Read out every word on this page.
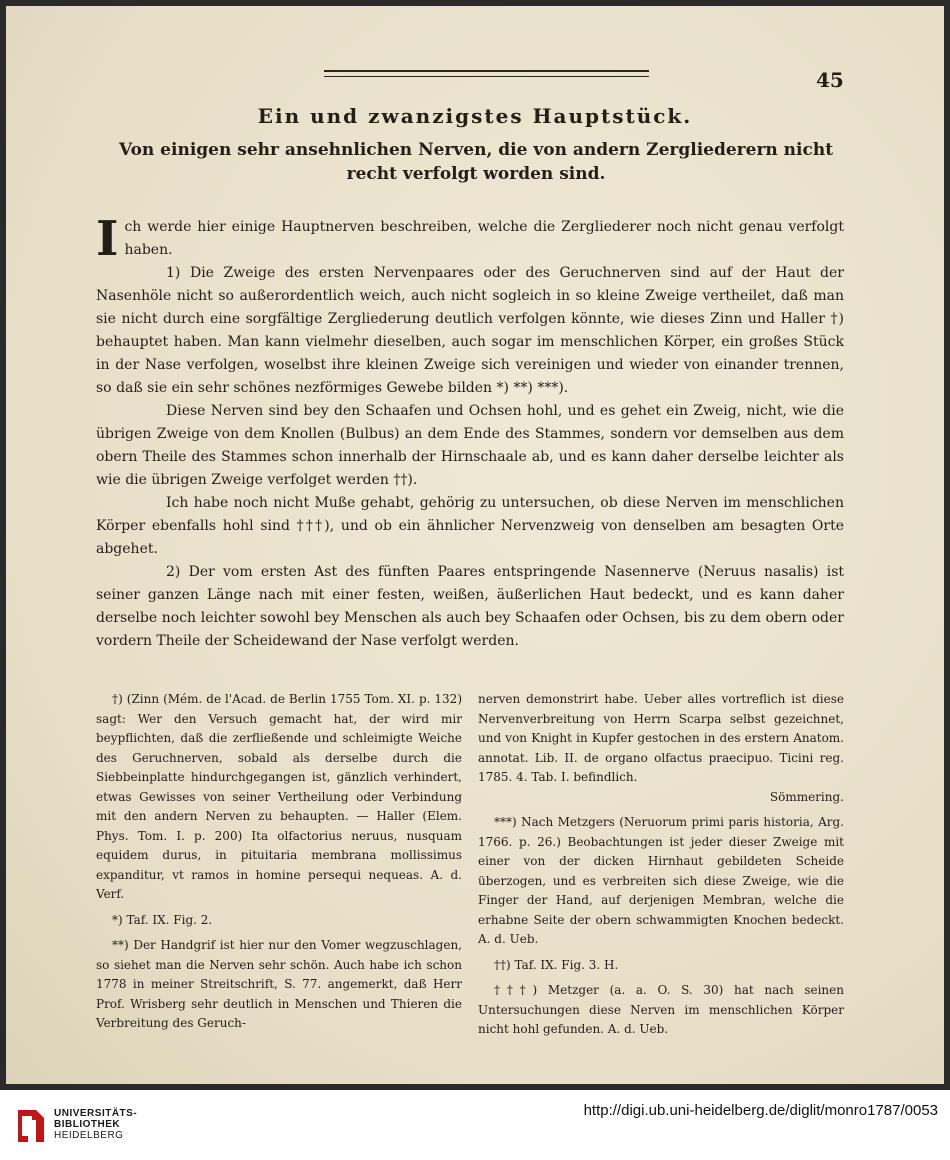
45
Ein und zwanzigstes Hauptstück.
Von einigen sehr ansehnlichen Nerven, die von andern Zergliederern nicht recht verfolgt worden sind.

Ich werde hier einige Hauptnerven beschreiben, welche die Zergliederer noch nicht genau verfolgt haben.

1) Die Zweige des ersten Nervenpaares oder des Geruchnerven sind auf der Haut der Nasenhöle nicht so außerordentlich weich, auch nicht sogleich in so kleine Zweige vertheilet, daß man sie nicht durch eine sorgfältige Zergliederung deutlich verfolgen könnte, wie dieses Zinn und Haller †) behauptet haben. Man kann vielmehr dieselben, auch sogar im menschlichen Körper, ein großes Stück in der Nase verfolgen, woselbst ihre kleinen Zweige sich vereinigen und wieder von einander trennen, so daß sie ein sehr schönes nezförmiges Gewebe bilden *) **) ***).

Diese Nerven sind bey den Schaafen und Ochsen hohl, und es gehet ein Zweig, nicht, wie die übrigen Zweige von dem Knollen (Bulbus) an dem Ende des Stammes, sondern vor demselben aus dem obern Theile des Stammes schon innerhalb der Hirnschaale ab, und es kann daher derselbe leichter als wie die übrigen Zweige verfolget werden ††).

Ich habe noch nicht Muße gehabt, gehörig zu untersuchen, ob diese Nerven im menschlichen Körper ebenfalls hohl sind †††), und ob ein ähnlicher Nervenzweig von denselben am besagten Orte abgehet.

2) Der vom ersten Ast des fünften Paares entspringende Nasennerve (Neruus nasalis) ist seiner ganzen Länge nach mit einer festen, weißen, äußerlichen Haut bedeckt, und es kann daher derselbe noch leichter sowohl bey Menschen als auch bey Schaafen oder Ochsen, bis zu dem obern oder vordern Theile der Scheidewand der Nase verfolgt werden.

†) (Zinn (Mém. de l'Acad. de Berlin 1755 Tom. XI. p. 132) sagt: Wer den Versuch gemacht hat, der wird mir beypflichten, daß die zerfließende und schleimigte Weiche des Geruchnerven, sobald als derselbe durch die Siebbeinplatte hindurchgegangen ist, gänzlich verhindert, etwas Gewisses von seiner Vertheilung oder Verbindung mit den andern Nerven zu behaupten. — Haller (Elem. Phys. Tom. I. p. 200) Ita olfactorius neruus, nusquam equidem durus, in pituitaria membrana mollissimus expanditur, vt ramos in homine persequi nequeas. A. d. Verf.

*) Taf. IX. Fig. 2.

**) Der Handgrif ist hier nur den Vomer wegzuschlagen, so siehet man die Nerven sehr schön. Auch habe ich schon 1778 in meiner Streitschrift, S. 77. angemerkt, daß Herr Prof. Wrisberg sehr deutlich in Menschen und Thieren die Verbreitung des Geruch-

nerven demonstrirt habe. Ueber alles vortreflich ist diese Nervenverbreitung von Herrn Scarpa selbst gezeichnet, und von Knight in Kupfer gestochen in des erstern Anatom. annotat. Lib. II. de organo olfactus praecipuo. Ticini reg. 1785. 4. Tab. I. befindlich.
Sömmering.

***) Nach Metzgers (Neruorum primi paris historia, Arg. 1766. p. 26.) Beobachtungen ist jeder dieser Zweige mit einer von der dicken Hirnhaut gebildeten Scheide überzogen, und es verbreiten sich diese Zweige, wie die Finger der Hand, auf derjenigen Membran, welche die erhabne Seite der obern schwammigten Knochen bedeckt. A. d. Ueb.

††) Taf. IX. Fig. 3. H.

†††) Metzger (a. a. O. S. 30) hat nach seinen Untersuchungen diese Nerven im menschlichen Körper nicht hohl gefunden. A. d. Ueb.

UNIVERSITÄTS-
BIBLIOTHEK
HEIDELBERG
http://digi.ub.uni-heidelberg.de/diglit/monro1787/0053
